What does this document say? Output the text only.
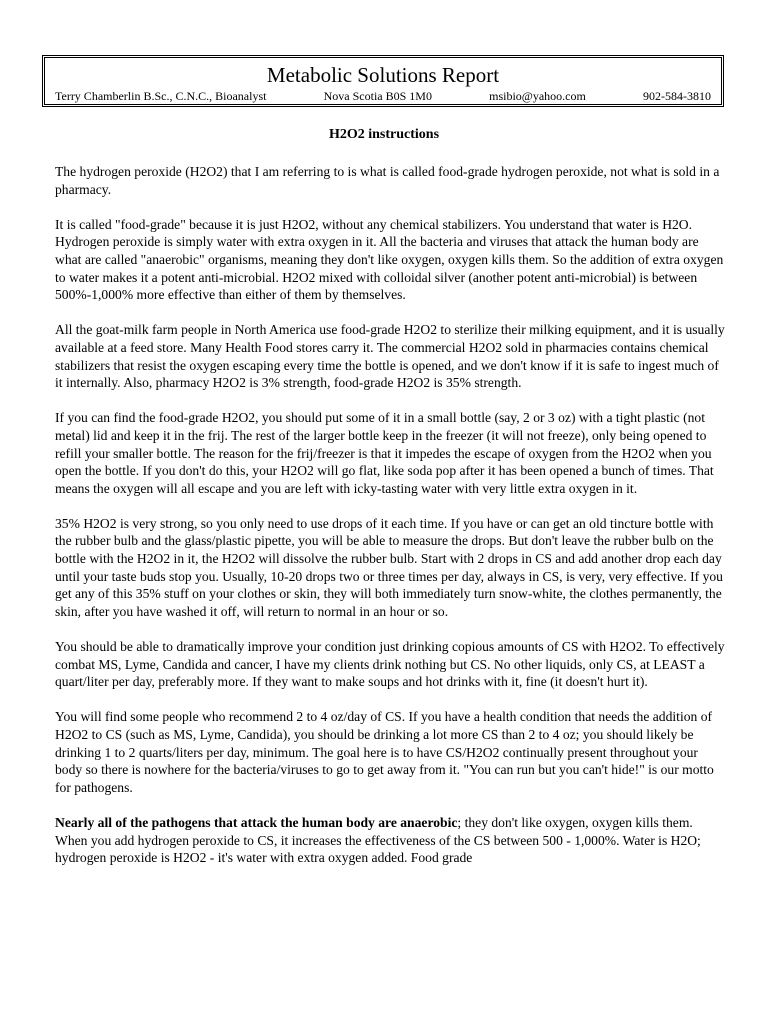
Metabolic Solutions Report
Terry Chamberlin B.Sc., C.N.C., Bioanalyst	Nova Scotia B0S 1M0	msibio@yahoo.com	902-584-3810
H2O2 instructions

The hydrogen peroxide (H2O2) that I am referring to is what is called food-grade hydrogen peroxide, not what is sold in a pharmacy.

It is called "food-grade" because it is just H2O2, without any chemical stabilizers. You understand that water is H2O. Hydrogen peroxide is simply water with extra oxygen in it. All the bacteria and viruses that attack the human body are what are called "anaerobic" organisms, meaning they don't like oxygen, oxygen kills them. So the addition of extra oxygen to water makes it a potent anti-microbial. H2O2 mixed with colloidal silver (another potent anti-microbial) is between 500%-1,000% more effective than either of them by themselves.

All the goat-milk farm people in North America use food-grade H2O2 to sterilize their milking equipment, and it is usually available at a feed store. Many Health Food stores carry it. The commercial H2O2 sold in pharmacies contains chemical stabilizers that resist the oxygen escaping every time the bottle is opened, and we don't know if it is safe to ingest much of it internally. Also, pharmacy H2O2 is 3% strength, food-grade H2O2 is 35% strength.

If you can find the food-grade H2O2, you should put some of it in a small bottle (say, 2 or 3 oz) with a tight plastic (not metal) lid and keep it in the frij. The rest of the larger bottle keep in the freezer (it will not freeze), only being opened to refill your smaller bottle. The reason for the frij/freezer is that it impedes the escape of oxygen from the H2O2 when you open the bottle. If you don't do this, your H2O2 will go flat, like soda pop after it has been opened a bunch of times. That means the oxygen will all escape and you are left with icky-tasting water with very little extra oxygen in it.

35% H2O2 is very strong, so you only need to use drops of it each time. If you have or can get an old tincture bottle with the rubber bulb and the glass/plastic pipette, you will be able to measure the drops. But don't leave the rubber bulb on the bottle with the H2O2 in it, the H2O2 will dissolve the rubber bulb. Start with 2 drops in CS and add another drop each day until your taste buds stop you. Usually, 10-20 drops two or three times per day, always in CS, is very, very effective. If you get any of this 35% stuff on your clothes or skin, they will both immediately turn snow-white, the clothes permanently, the skin, after you have washed it off, will return to normal in an hour or so.

You should be able to dramatically improve your condition just drinking copious amounts of CS with H2O2. To effectively combat MS, Lyme, Candida and cancer, I have my clients drink nothing but CS. No other liquids, only CS, at LEAST a quart/liter per day, preferably more. If they want to make soups and hot drinks with it, fine (it doesn't hurt it).

You will find some people who recommend 2 to 4 oz/day of CS. If you have a health condition that needs the addition of H2O2 to CS (such as MS, Lyme, Candida), you should be drinking a lot more CS than 2 to 4 oz; you should likely be drinking 1 to 2 quarts/liters per day, minimum. The goal here is to have CS/H2O2 continually present throughout your body so there is nowhere for the bacteria/viruses to go to get away from it. "You can run but you can't hide!" is our motto for pathogens.

Nearly all of the pathogens that attack the human body are anaerobic; they don't like oxygen, oxygen kills them. When you add hydrogen peroxide to CS, it increases the effectiveness of the CS between 500 - 1,000%. Water is H2O; hydrogen peroxide is H2O2 - it's water with extra oxygen added. Food grade
